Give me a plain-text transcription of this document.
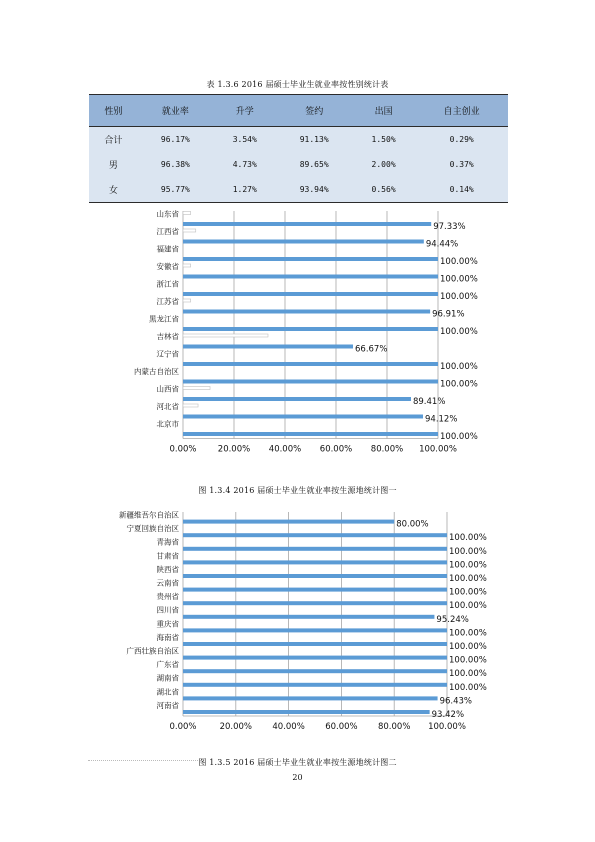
表 1.3.6 2016 届硕士毕业生就业率按性别统计表
性别	就业率	升学	签约	出国	自主创业
合计	96.17%	3.54%	91.13%	1.50%	0.29%
男	96.38%	4.73%	89.65%	2.00%	0.37%
女	95.77%	1.27%	93.94%	0.56%	0.14%
0.00%	20.00% 40.00% 60.00% 80.00% 100.00%
山东省
97.33%
江西省
94.44%
福建省
100.00%
安徽省
100.00%
浙江省
100.00%
江苏省
96.91%
黑龙江省
100.00%
吉林省
66.67%
辽宁省
100.00%
内蒙古自治区
100.00%
山西省
89.41%
河北省
94.12%
北京市
100.00%
图 1.3.4 2016 届硕士毕业生就业率按生源地统计图一
0.00%	20.00% 40.00% 60.00% 80.00% 100.00%
新疆维吾尔自治区
80.00%
宁夏回族自治区
100.00%
青海省
100.00%
甘肃省
100.00%
陕西省
100.00%
云南省
100.00%
贵州省
100.00%
四川省
95.24%
重庆省
100.00%
海南省
100.00%
广西壮族自治区
100.00%
广东省
100.00%
湖南省
100.00%
湖北省
96.43%
河南省
93.42%
图 1.3.5 2016 届硕士毕业生就业率按生源地统计图二
20
